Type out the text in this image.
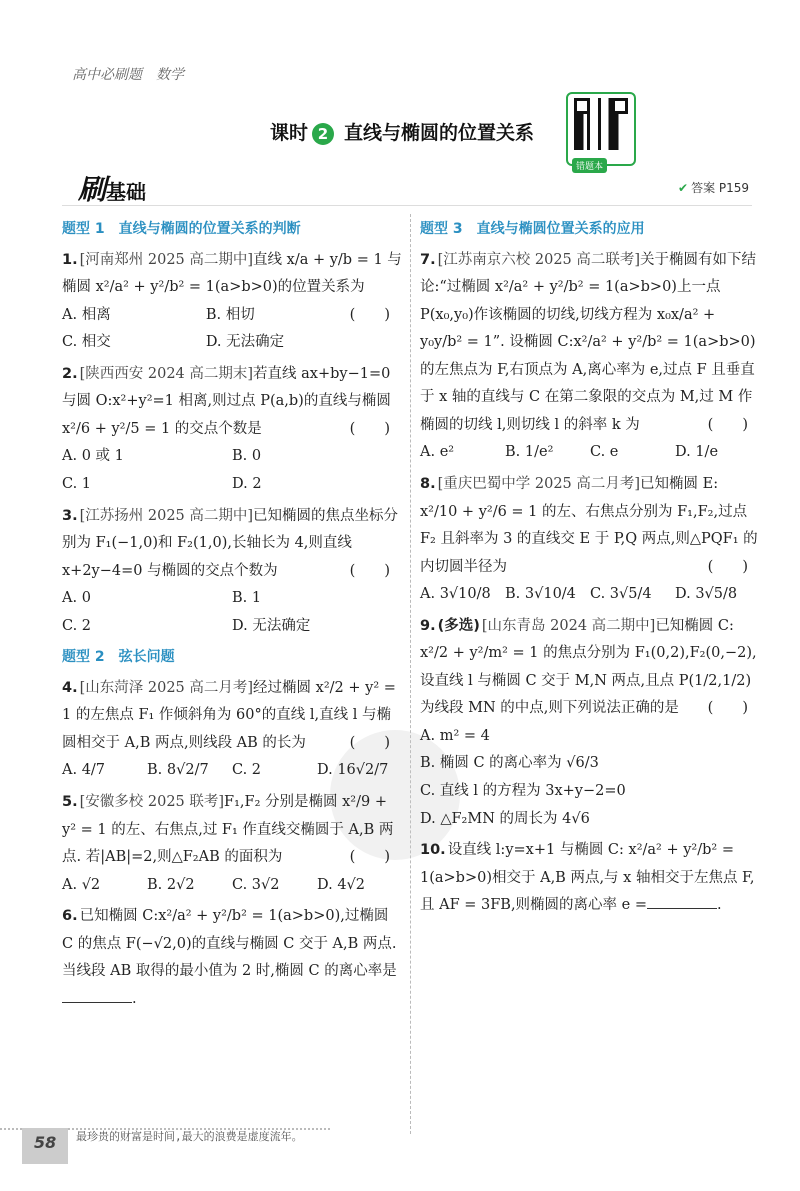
高中必刷题　数学
课时 2 直线与椭圆的位置关系
错题本
刷基础	✔ 答案 P159
题型 1　直线与椭圆的位置关系的判断
1. [河南郑州 2025 高二期中]直线 x/a + y/b = 1 与椭圆 x²/a² + y²/b² = 1(a>b>0)的位置关系为
(　　)
A. 相离	B. 相切
C. 相交	D. 无法确定
2. [陕西西安 2024 高二期末]若直线 ax+by−1=0 与圆 O:x²+y²=1 相离,则过点 P(a,b)的直线与椭圆 x²/6 + y²/5 = 1 的交点个数是	(　　)
A. 0 或 1	B. 0
C. 1	D. 2
3. [江苏扬州 2025 高二期中]已知椭圆的焦点坐标分别为 F₁(−1,0)和 F₂(1,0),长轴长为 4,则直线 x+2y−4=0 与椭圆的交点个数为	(　　)
A. 0	B. 1
C. 2	D. 无法确定
题型 2　弦长问题
4. [山东菏泽 2025 高二月考]经过椭圆 x²/2 + y² = 1 的左焦点 F₁ 作倾斜角为 60°的直线 l,直线 l 与椭圆相交于 A,B 两点,则线段 AB 的长为	(　　)
A. 4/7	B. 8√2/7	C. 2	D. 16√2/7
5. [安徽多校 2025 联考]F₁,F₂ 分别是椭圆 x²/9 + y² = 1 的左、右焦点,过 F₁ 作直线交椭圆于 A,B 两点. 若|AB|=2,则△F₂AB 的面积为	(　　)
A. √2	B. 2√2	C. 3√2	D. 4√2
6. 已知椭圆 C:x²/a² + y²/b² = 1(a>b>0),过椭圆 C 的焦点 F(−√2,0)的直线与椭圆 C 交于 A,B 两点. 当线段 AB 取得的最小值为 2 时,椭圆 C 的离心率是.
题型 3　直线与椭圆位置关系的应用
7. [江苏南京六校 2025 高二联考]关于椭圆有如下结论:“过椭圆 x²/a² + y²/b² = 1(a>b>0)上一点 P(x₀,y₀)作该椭圆的切线,切线方程为 x₀x/a² + y₀y/b² = 1”. 设椭圆 C:x²/a² + y²/b² = 1(a>b>0)的左焦点为 F,右顶点为 A,离心率为 e,过点 F 且垂直于 x 轴的直线与 C 在第二象限的交点为 M,过 M 作椭圆的切线 l,则切线 l 的斜率 k 为	(　　)
A. e²	B. 1/e²	C. e	D. 1/e
8. [重庆巴蜀中学 2025 高二月考]已知椭圆 E: x²/10 + y²/6 = 1 的左、右焦点分别为 F₁,F₂,过点 F₂ 且斜率为 3 的直线交 E 于 P,Q 两点,则△PQF₁ 的内切圆半径为	(　　)
A. 3√10/8 B. 3√10/4 C. 3√5/4	D. 3√5/8
9. (多选) [山东青岛 2024 高二期中]已知椭圆 C: x²/2 + y²/m² = 1 的焦点分别为 F₁(0,2),F₂(0,−2),设直线 l 与椭圆 C 交于 M,N 两点,且点 P(1/2,1/2)为线段 MN 的中点,则下列说法正确的是 (　　)
A. m² = 4
B. 椭圆 C 的离心率为 √6/3
C. 直线 l 的方程为 3x+y−2=0
D. △F₂MN 的周长为 4√6
10. 设直线 l:y=x+1 与椭圆 C: x²/a² + y²/b² = 1(a>b>0)相交于 A,B 两点,与 x 轴相交于左焦点 F,且 AF = 3FB,则椭圆的离心率 e =	.
58 最珍贵的财富是时间,最大的浪费是虚度流年。
